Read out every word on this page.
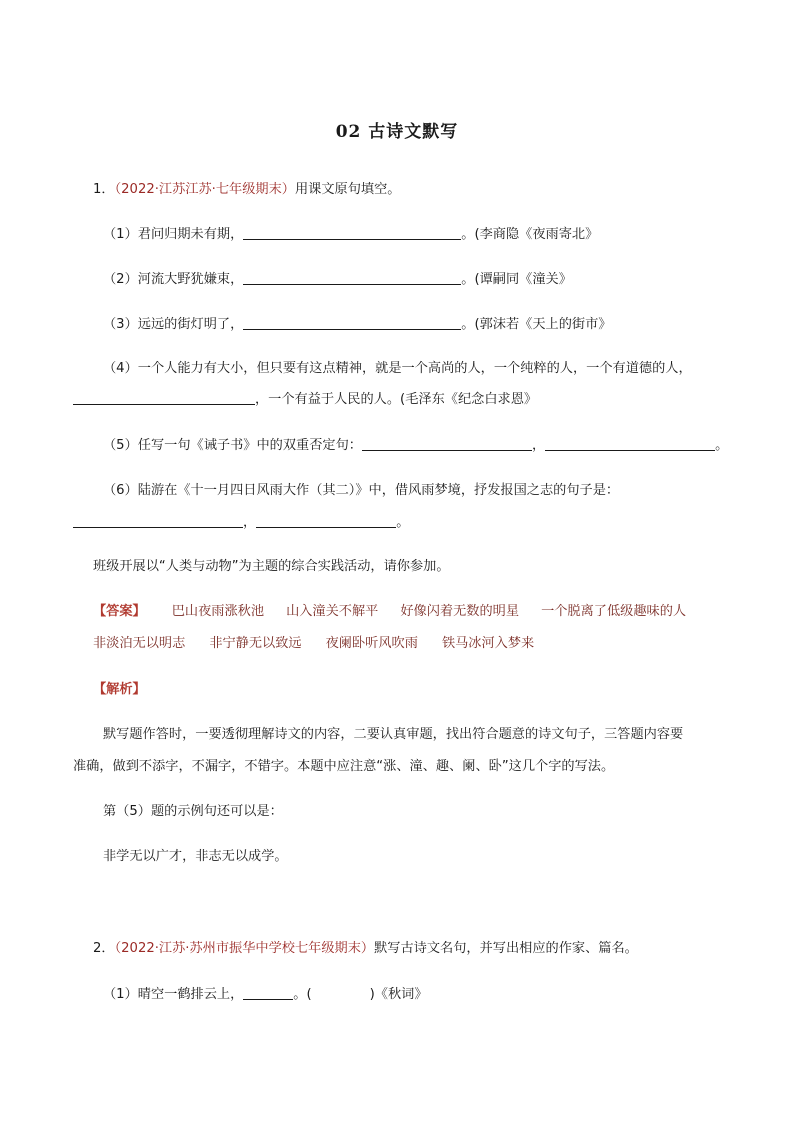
02 古诗文默写
1．（2022·江苏江苏·七年级期末）用课文原句填空。
（1）君问归期未有期，	。(李商隐《夜雨寄北》
（2）河流大野犹嫌束，	。(谭嗣同《潼关》
（3）远远的街灯明了，	。(郭沫若《天上的街市》
（4）一个人能力有大小，但只要有这点精神，就是一个高尚的人，一个纯粹的人，一个有道德的人，
，一个有益于人民的人。(毛泽东《纪念白求恩》
（5）任写一句《诫子书》中的双重否定句：	，	。
（6）陆游在《十一月四日风雨大作（其二）》中，借风雨梦境，抒发报国之志的句子是：
，	。
班级开展以“人类与动物”为主题的综合实践活动，请你参加。
【答案】 巴山夜雨涨秋池 山入潼关不解平 好像闪着无数的明星 一个脱离了低级趣味的人
非淡泊无以明志 非宁静无以致远 夜阑卧听风吹雨 铁马冰河入梦来
【解析】
默写题作答时，一要透彻理解诗文的内容，二要认真审题，找出符合题意的诗文句子，三答题内容要
准确，做到不添字，不漏字，不错字。本题中应注意“涨、潼、趣、阑、卧”这几个字的写法。
第（5）题的示例句还可以是：
非学无以广才，非志无以成学。
2．（2022·江苏·苏州市振华中学校七年级期末）默写古诗文名句，并写出相应的作家、篇名。
（1）晴空一鹤排云上，	。(	)《秋词》
